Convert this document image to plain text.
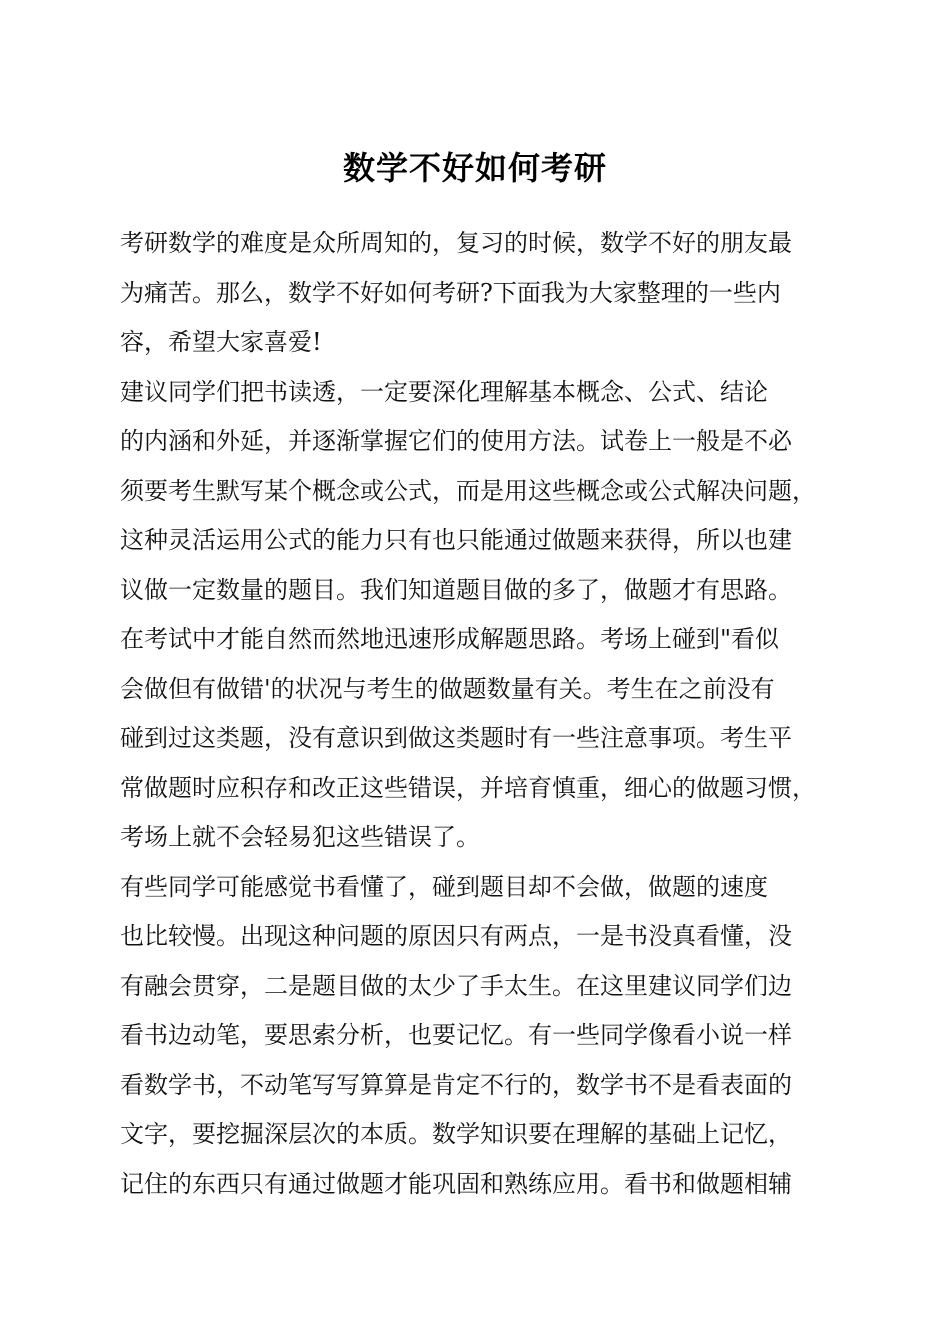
数学不好如何考研
考研数学的难度是众所周知的，复习的时候，数学不好的朋友最
为痛苦。那么，数学不好如何考研?下面我为大家整理的一些内
容，希望大家喜爱!
建议同学们把书读透，一定要深化理解基本概念、公式、结论
的内涵和外延，并逐渐掌握它们的使用方法。试卷上一般是不必
须要考生默写某个概念或公式，而是用这些概念或公式解决问题，
这种灵活运用公式的能力只有也只能通过做题来获得，所以也建
议做一定数量的题目。我们知道题目做的多了，做题才有思路。
在考试中才能自然而然地迅速形成解题思路。考场上碰到"看似
会做但有做错'的状况与考生的做题数量有关。考生在之前没有
碰到过这类题，没有意识到做这类题时有一些注意事项。考生平
常做题时应积存和改正这些错误，并培育慎重，细心的做题习惯，
考场上就不会轻易犯这些错误了。
有些同学可能感觉书看懂了，碰到题目却不会做，做题的速度
也比较慢。出现这种问题的原因只有两点，一是书没真看懂，没
有融会贯穿，二是题目做的太少了手太生。在这里建议同学们边
看书边动笔，要思索分析，也要记忆。有一些同学像看小说一样
看数学书，不动笔写写算算是肯定不行的，数学书不是看表面的
文字，要挖掘深层次的本质。数学知识要在理解的基础上记忆，
记住的东西只有通过做题才能巩固和熟练应用。看书和做题相辅
